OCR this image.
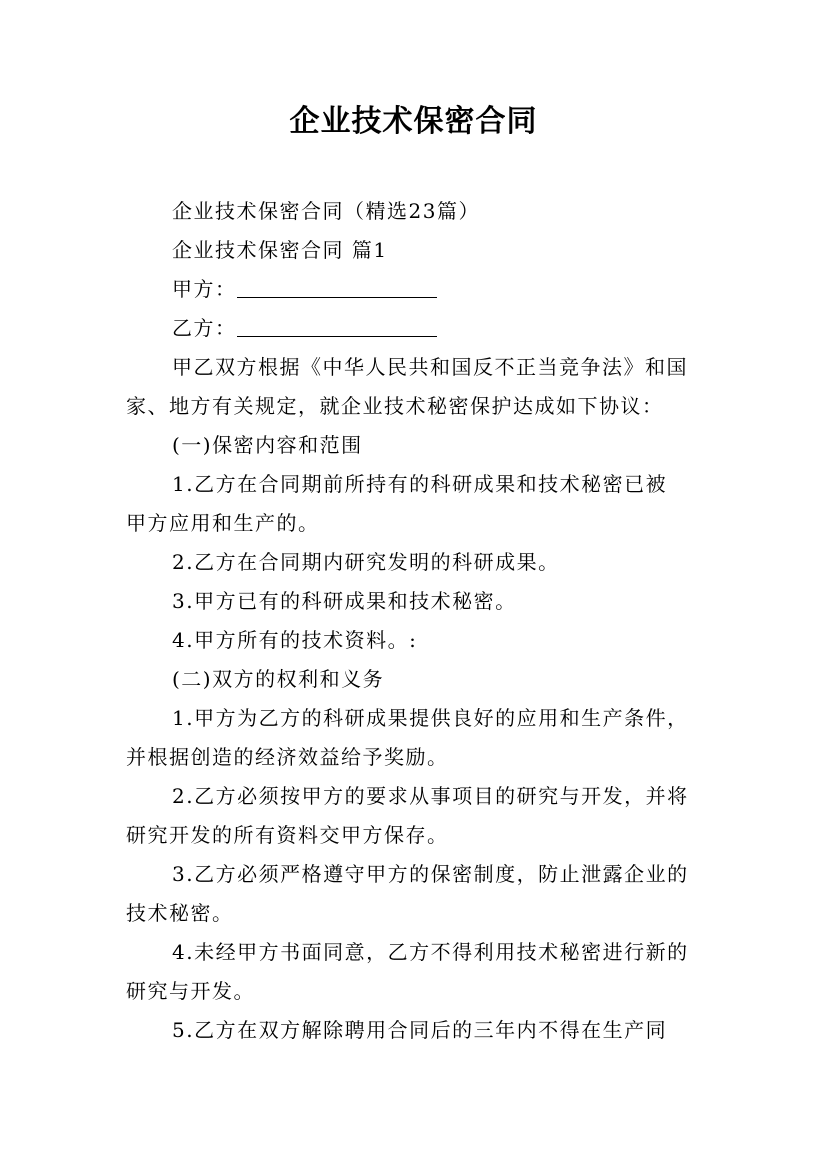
企业技术保密合同
企业技术保密合同（精选23篇）
企业技术保密合同 篇1
甲方：
乙方：
甲乙双方根据《中华人民共和国反不正当竞争法》和国
家、地方有关规定，就企业技术秘密保护达成如下协议：
(一)保密内容和范围
1.乙方在合同期前所持有的科研成果和技术秘密已被
甲方应用和生产的。
2.乙方在合同期内研究发明的科研成果。
3.甲方已有的科研成果和技术秘密。
4.甲方所有的技术资料。:
(二)双方的权利和义务
1.甲方为乙方的科研成果提供良好的应用和生产条件，
并根据创造的经济效益给予奖励。
2.乙方必须按甲方的要求从事项目的研究与开发，并将
研究开发的所有资料交甲方保存。
3.乙方必须严格遵守甲方的保密制度，防止泄露企业的
技术秘密。
4.未经甲方书面同意，乙方不得利用技术秘密进行新的
研究与开发。
5.乙方在双方解除聘用合同后的三年内不得在生产同
